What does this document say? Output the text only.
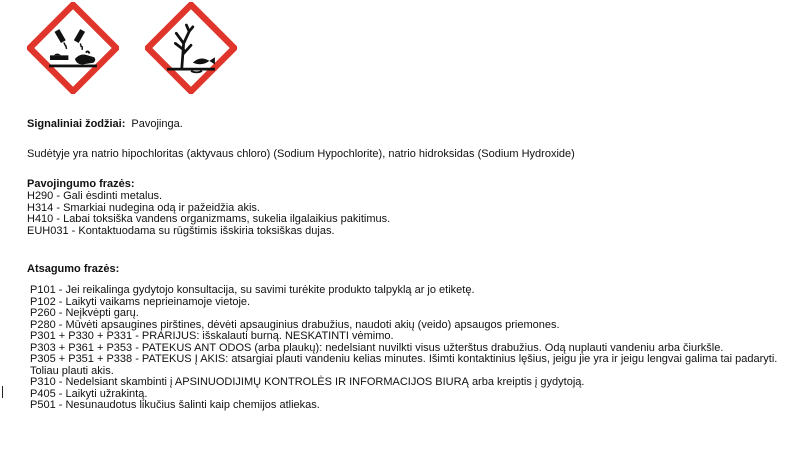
Signaliniai žodžiai: Pavojinga.
Sudėtyje yra natrio hipochloritas (aktyvaus chloro) (Sodium Hypochlorite), natrio hidroksidas (Sodium Hydroxide)
Pavojingumo frazės:
H290 - Gali ėsdinti metalus.
H314 - Smarkiai nudegina odą ir pažeidžia akis.
H410 - Labai toksiška vandens organizmams, sukelia ilgalaikius pakitimus.
EUH031 - Kontaktuodama su rūgštimis išskiria toksiškas dujas.
Atsagumo frazės:
P101 - Jei reikalinga gydytojo konsultacija, su savimi turėkite produkto talpyklą ar jo etiketę.
P102 - Laikyti vaikams neprieinamoje vietoje.
P260 - Neįkvėpti garų.
P280 - Mūvėti apsaugines pirštines, dėvėti apsauginius drabužius, naudoti akių (veido) apsaugos priemones.
P301 + P330 + P331 - PRARIJUS: išskalauti burną. NESKATINTI vėmimo.
P303 + P361 + P353 - PATEKUS ANT ODOS (arba plaukų): nedelsiant nuvilkti visus užterštus drabužius. Odą nuplauti vandeniu arba čiurkšle.
P305 + P351 + P338 - PATEKUS Į AKIS: atsargiai plauti vandeniu kelias minutes. Išimti kontaktinius lęšius, jeigu jie yra ir jeigu lengvai galima tai padaryti. Toliau plauti akis.
P310 - Nedelsiant skambinti į APSINUODIJIMŲ KONTROLĖS IR INFORMACIJOS BIURĄ arba kreiptis į gydytoją.
P405 - Laikyti užrakintą.
P501 - Nesunaudotus likučius šalinti kaip chemijos atliekas.
